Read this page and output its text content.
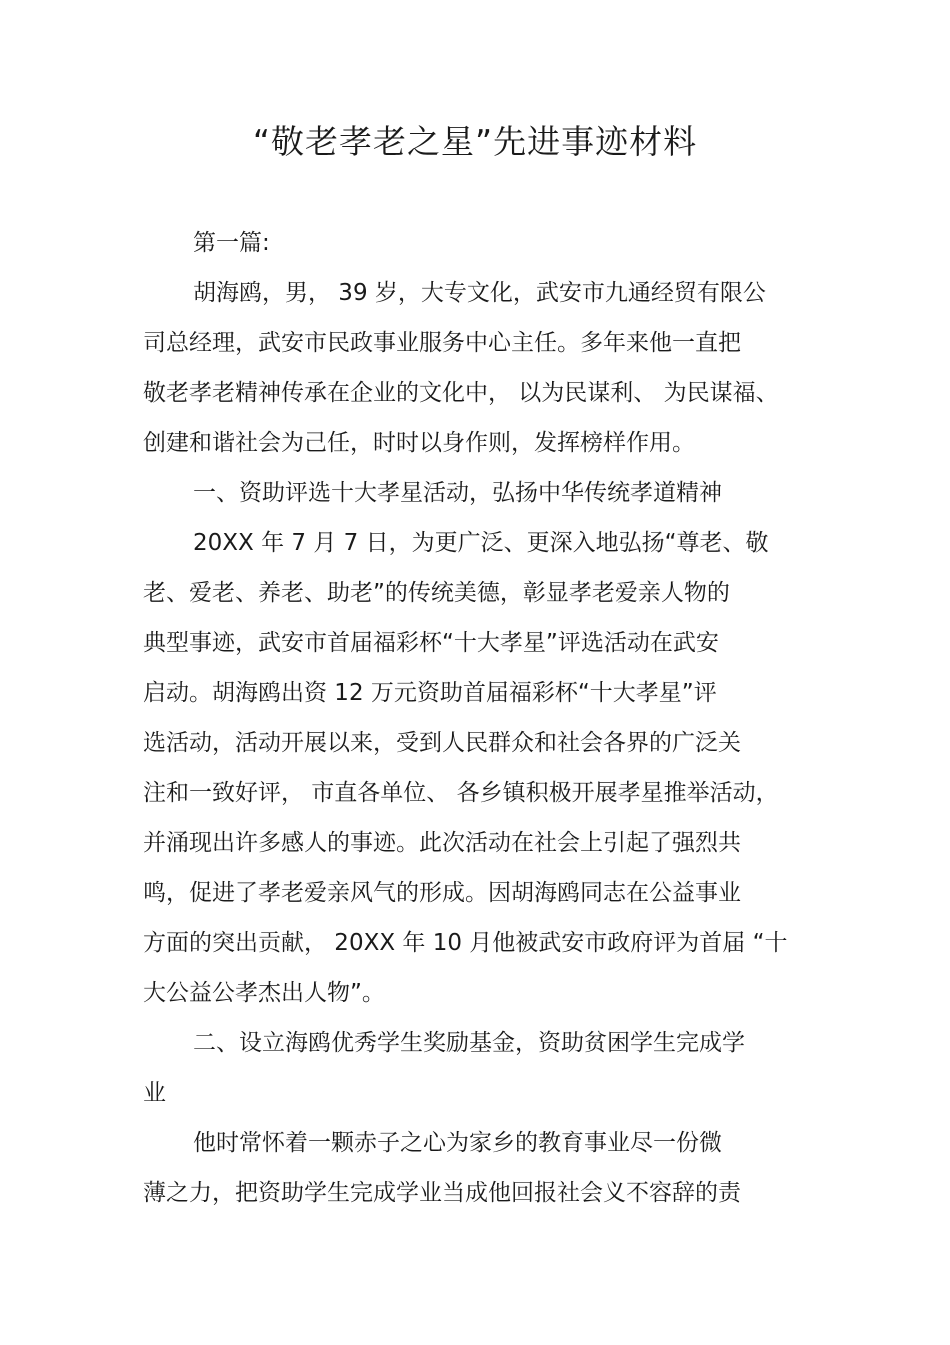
“敬老孝老之星”先进事迹材料
第一篇:
胡海鸥，男， 39 岁，大专文化，武安市九通经贸有限公
司总经理，武安市民政事业服务中心主任。多年来他一直把
敬老孝老精神传承在企业的文化中， 以为民谋利、 为民谋福、
创建和谐社会为己任，时时以身作则，发挥榜样作用。
一、资助评选十大孝星活动，弘扬中华传统孝道精神
20XX 年 7 月 7 日，为更广泛、更深入地弘扬“尊老、敬
老、爱老、养老、助老”的传统美德，彰显孝老爱亲人物的
典型事迹，武安市首届福彩杯“十大孝星”评选活动在武安
启动。胡海鸥出资 12 万元资助首届福彩杯“十大孝星”评
选活动，活动开展以来，受到人民群众和社会各界的广泛关
注和一致好评， 市直各单位、 各乡镇积极开展孝星推举活动，
并涌现出许多感人的事迹。此次活动在社会上引起了强烈共
鸣，促进了孝老爱亲风气的形成。因胡海鸥同志在公益事业
方面的突出贡献， 20XX 年 10 月他被武安市政府评为首届 “十
大公益公孝杰出人物”。
二、设立海鸥优秀学生奖励基金，资助贫困学生完成学
业
他时常怀着一颗赤子之心为家乡的教育事业尽一份微
薄之力，把资助学生完成学业当成他回报社会义不容辞的责
